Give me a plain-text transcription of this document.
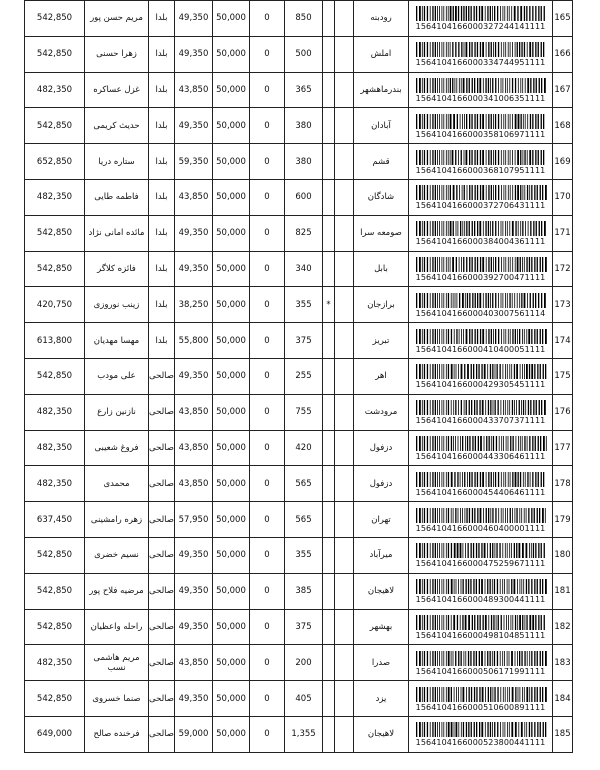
542,850	مریم حسن پور	بلدا	49,350	50,000	0	850			رودبنه	1564104166000327244141111	165
542,850	زهرا حسنی	بلدا	49,350	50,000	0	500			املش	1564104166000334744951111	166
482,350	غزل عساکره	بلدا	43,850	50,000	0	365			بندرماهشهر	1564104166000341006351111	167
542,850	حدیث کریمی	بلدا	49,350	50,000	0	380			آبادان	1564104166000358106971111	168
652,850	ستاره دریا	بلدا	59,350	50,000	0	380			قشم	1564104166000368107951111	169
482,350	فاطمه طایی	بلدا	43,850	50,000	0	600			شادگان	1564104166000372706431111	170
542,850	مائده امانی نژاد	بلدا	49,350	50,000	0	825			صومعه سرا	1564104166000384004361111	171
542,850	فائزه کلاگر	بلدا	49,350	50,000	0	340			بابل	1564104166000392700471111	172
420,750	زینب نوروزی	بلدا	38,250	50,000	0	355	*		برازجان	1564104166000403007561114	173
613,800	مهسا مهدیان	بلدا	55,800	50,000	0	375			تبریز	1564104166000410400051111	174
542,850	علی مودب	صالحی	49,350	50,000	0	255			اهر	1564104166000429305451111	175
482,350	نازنین زارع	صالحی	43,850	50,000	0	755			مرودشت	1564104166000433707371111	176
482,350	فروغ شعیبی	صالحی	43,850	50,000	0	420			دزفول	1564104166000443306461111	177
482,350	محمدی	صالحی	43,850	50,000	0	565			دزفول	1564104166000454406461111	178
637,450	زهره رامشینی	صالحی	57,950	50,000	0	565			تهران	1564104166000460400001111	179
542,850	نسیم خضری	صالحی	49,350	50,000	0	355			میرآباد	1564104166000475259671111	180
542,850	مرضیه فلاح پور	صالحی	49,350	50,000	0	385			لاهیجان	1564104166000489300441111	181
542,850	راحله واعظیان	صالحی	49,350	50,000	0	375			بهشهر	1564104166000498104851111	182
482,350	مریم هاشمی نسب	صالحی	43,850	50,000	0	200			صدرا	1564104166000506171991111	183
542,850	صنما خسروی	صالحی	49,350	50,000	0	405			یزد	1564104166000510600891111	184
649,000	فرخنده صالح	صالحی	59,000	50,000	0	1,355			لاهیجان	1564104166000523800441111	185
